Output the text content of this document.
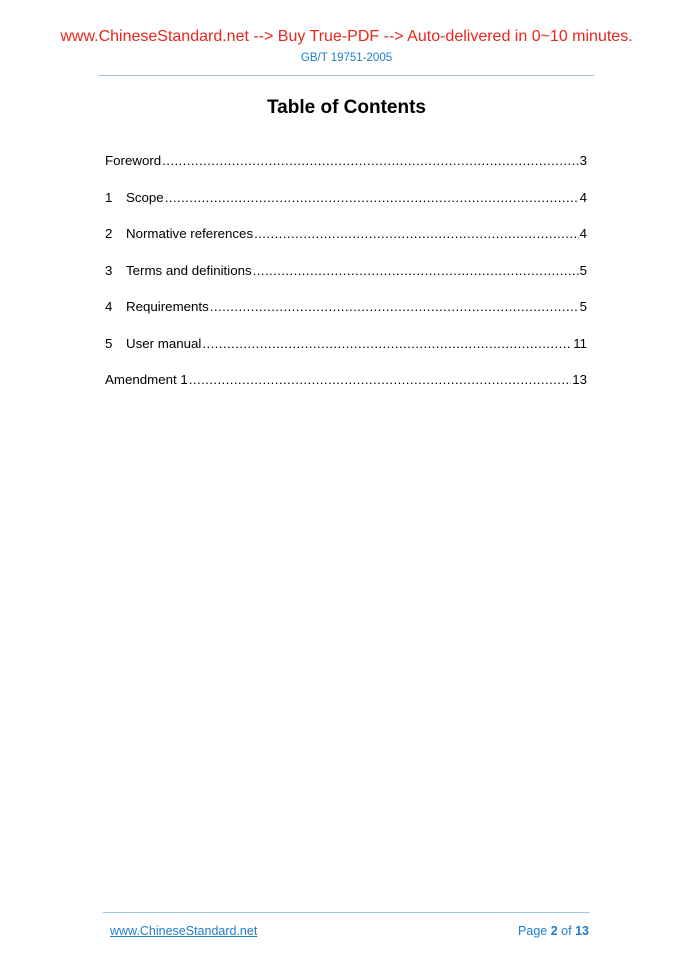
www.ChineseStandard.net --> Buy True-PDF --> Auto-delivered in 0~10 minutes.
GB/T 19751-2005
Table of Contents
Foreword .....	3
1	Scope .....	4
2	Normative references .....	4
3	Terms and definitions .....	5
4	Requirements .....	5
5	User manual .....	11
Amendment 1 .....	13
www.ChineseStandard.net	Page 2 of 13
